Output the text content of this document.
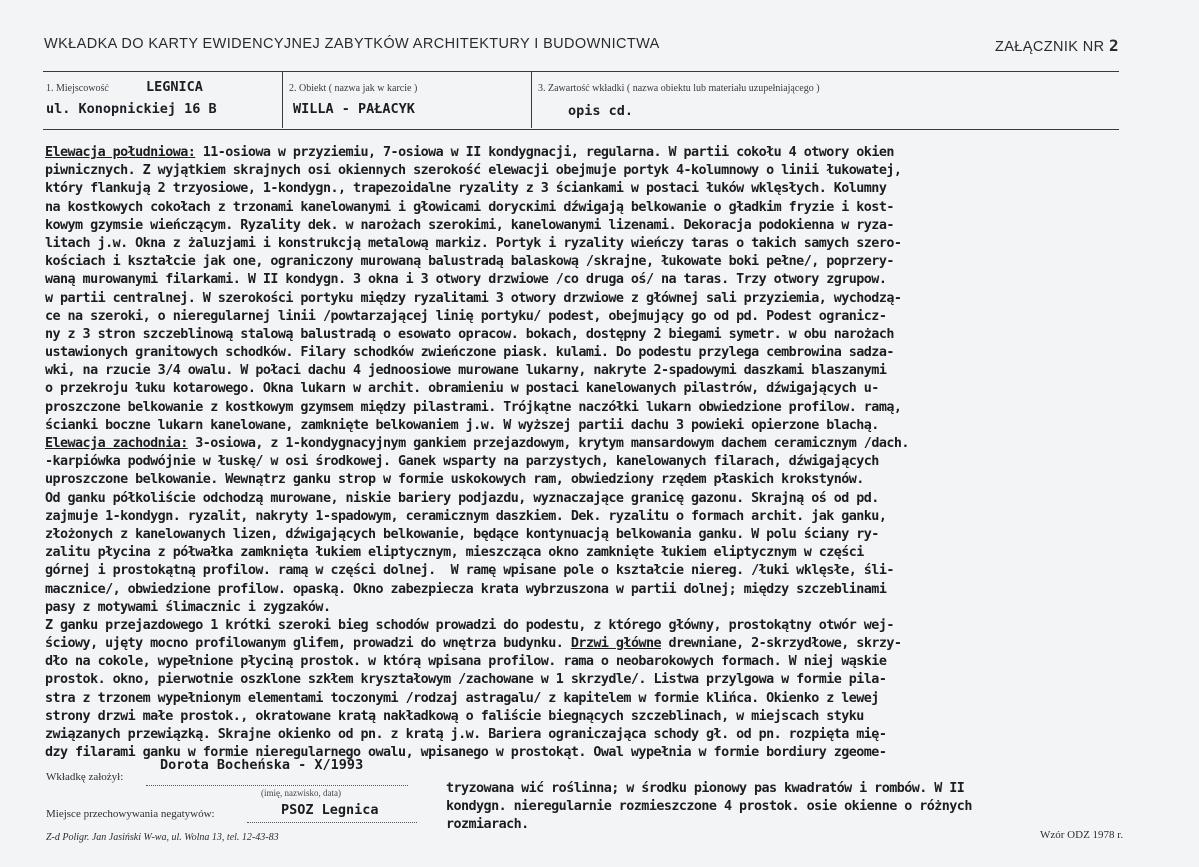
WKŁADKA DO KARTY EWIDENCYJNEJ ZABYTKÓW ARCHITEKTURY I BUDOWNICTWA	ZAŁĄCZNIK NR 2
1. Miejscowość	LEGNICA
ul. Konopnickiej 16 B
2. Obiekt ( nazwa jak w karcie )
WILLA - PAŁACYK
3. Zawartość wkładki ( nazwa obiektu lub materiału uzupełniającego )
opis cd.
Elewacja południowa: 11-osiowa w przyziemiu, 7-osiowa w II kondygnacji, regularna. W partii cokołu 4 otwory okien
piwnicznych. Z wyjątkiem skrajnych osi okiennych szerokość elewacji obejmuje portyk 4-kolumnowy o linii łukowatej,
który flankują 2 trzyosiowe, 1-kondygn., trapezoidalne ryzality z 3 ściankami w postaci łuków wklęsłych. Kolumny
na kostkowych cokołach z trzonami kanelowanymi i głowicami dorycкimi dźwigają belkowanie o gładkim fryzie i kost-
kowym gzymsie wieńczącym. Ryzality dek. w narożach szerokimi, kanelowanymi lizenami. Dekoracja podokienna w ryza-
litach j.w. Okna z żaluzjami i konstrukcją metalową markiz. Portyk i ryzality wieńczy taras o takich samych szero-
kościach i kształcie jak one, ograniczony murowaną balustradą balaskową /skrajne, łukowate boki pełne/, poprzery-
waną murowanymi filarkami. W II kondygn. 3 okna i 3 otwory drzwiowe /co druga oś/ na taras. Trzy otwory zgrupow.
w partii centralnej. W szerokości portyku między ryzalitami 3 otwory drzwiowe z głównej sali przyziemia, wychodzą-
ce na szeroki, o nieregularnej linii /powtarzającej linię portyku/ podest, obejmujący go od pd. Podest ogranicz-
ny z 3 stron szczeblinową stalową balustradą o esowato opracow. bokach, dostępny 2 biegami symetr. w obu narożach
ustawionych granitowych schodków. Filary schodków zwieńczone piask. kulami. Do podestu przylega cembrowina sadza-
wki, na rzucie 3/4 owalu. W połaci dachu 4 jednoosiowe murowane lukarny, nakryte 2-spadowymi daszkami blaszanymi
o przekroju łuku kotarowego. Okna lukarn w archit. obramieniu w postaci kanelowanych pilastrów, dźwigających u-
proszczone belkowanie z kostkowym gzymsem między pilastrami. Trójkątne naczółki lukarn obwiedzione profilow. ramą,
ścianki boczne lukarn kanelowane, zamknięte belkowaniem j.w. W wyższej partii dachu 3 powieki opierzone blachą.
Elewacja zachodnia: 3-osiowa, z 1-kondygnacyjnym gankiem przejazdowym, krytym mansardowym dachem ceramicznym /dach.
-karpiówka podwójnie w łuskę/ w osi środkowej. Ganek wsparty na parzystych, kanelowanych filarach, dźwigających
uproszczone belkowanie. Wewnątrz ganku strop w formie uskokowych ram, obwiedziony rzędem płaskich krokstynów.
Od ganku półkoliście odchodzą murowane, niskie bariery podjazdu, wyznaczające granicę gazonu. Skrajną oś od pd.
zajmuje 1-kondygn. ryzalit, nakryty 1-spadowym, ceramicznym daszkiem. Dek. ryzalitu o formach archit. jak ganku,
złożonych z kanelowanych lizen, dźwigających belkowanie, będące kontynuacją belkowania ganku. W polu ściany ry-
zalitu płycina z półwałka zamknięta łukiem eliptycznym, mieszcząca okno zamknięte łukiem eliptycznym w części
górnej i prostokątną profilow. ramą w części dolnej.  W ramę wpisane pole o kształcie niereg. /łuki wklęsłe, śli-
macznice/, obwiedzione profilow. opaską. Okno zabezpiecza krata wybrzuszona w partii dolnej; między szczeblinami
pasy z motywami ślimacznic i zygzaków.
Z ganku przejazdowego 1 krótki szeroki bieg schodów prowadzi do podestu, z którego główny, prostokątny otwór wej-
ściowy, ujęty mocno profilowanym glifem, prowadzi do wnętrza budynku. Drzwi główne drewniane, 2-skrzydłowe, skrzy-
dło na cokole, wypełnione płyciną prostok. w którą wpisana profilow. rama o neobarokowych formach. W niej wąskie
prostok. okno, pierwotnie oszklone szkłem kryształowym /zachowane w 1 skrzydle/. Listwa przylgowa w formie pila-
stra z trzonem wypełnionym elementami toczonymi /rodzaj astragalu/ z kapitelem w formie klińca. Okienko z lewej
strony drzwi małe prostok., okratowane kratą nakładkową o faliście biegnących szczeblinach, w miejscach styku
związanych przewiązką. Skrajne okienko od pn. z kratą j.w. Bariera ograniczająca schody gł. od pn. rozpięta mię-
dzy filarami ganku w formie nieregularnego owalu, wpisanego w prostokąt. Owal wypełnia w formie bordiury zgeome-
tryzowana wić roślinna; w środku pionowy pas kwadratów i rombów. W II
kondygn. nieregularnie rozmieszczone 4 prostok. osie okienne o różnych
rozmiarach.
Wkładkę założył:
Dorota Bocheńska - X/1993
(imię, nazwisko, data)
Miejsce przechowywania negatywów:	PSOZ Legnica
Z-d Poligr. Jan Jasiński W-wa, ul. Wolna 13, tel. 12-43-83	Wzór ODZ 1978 r.
